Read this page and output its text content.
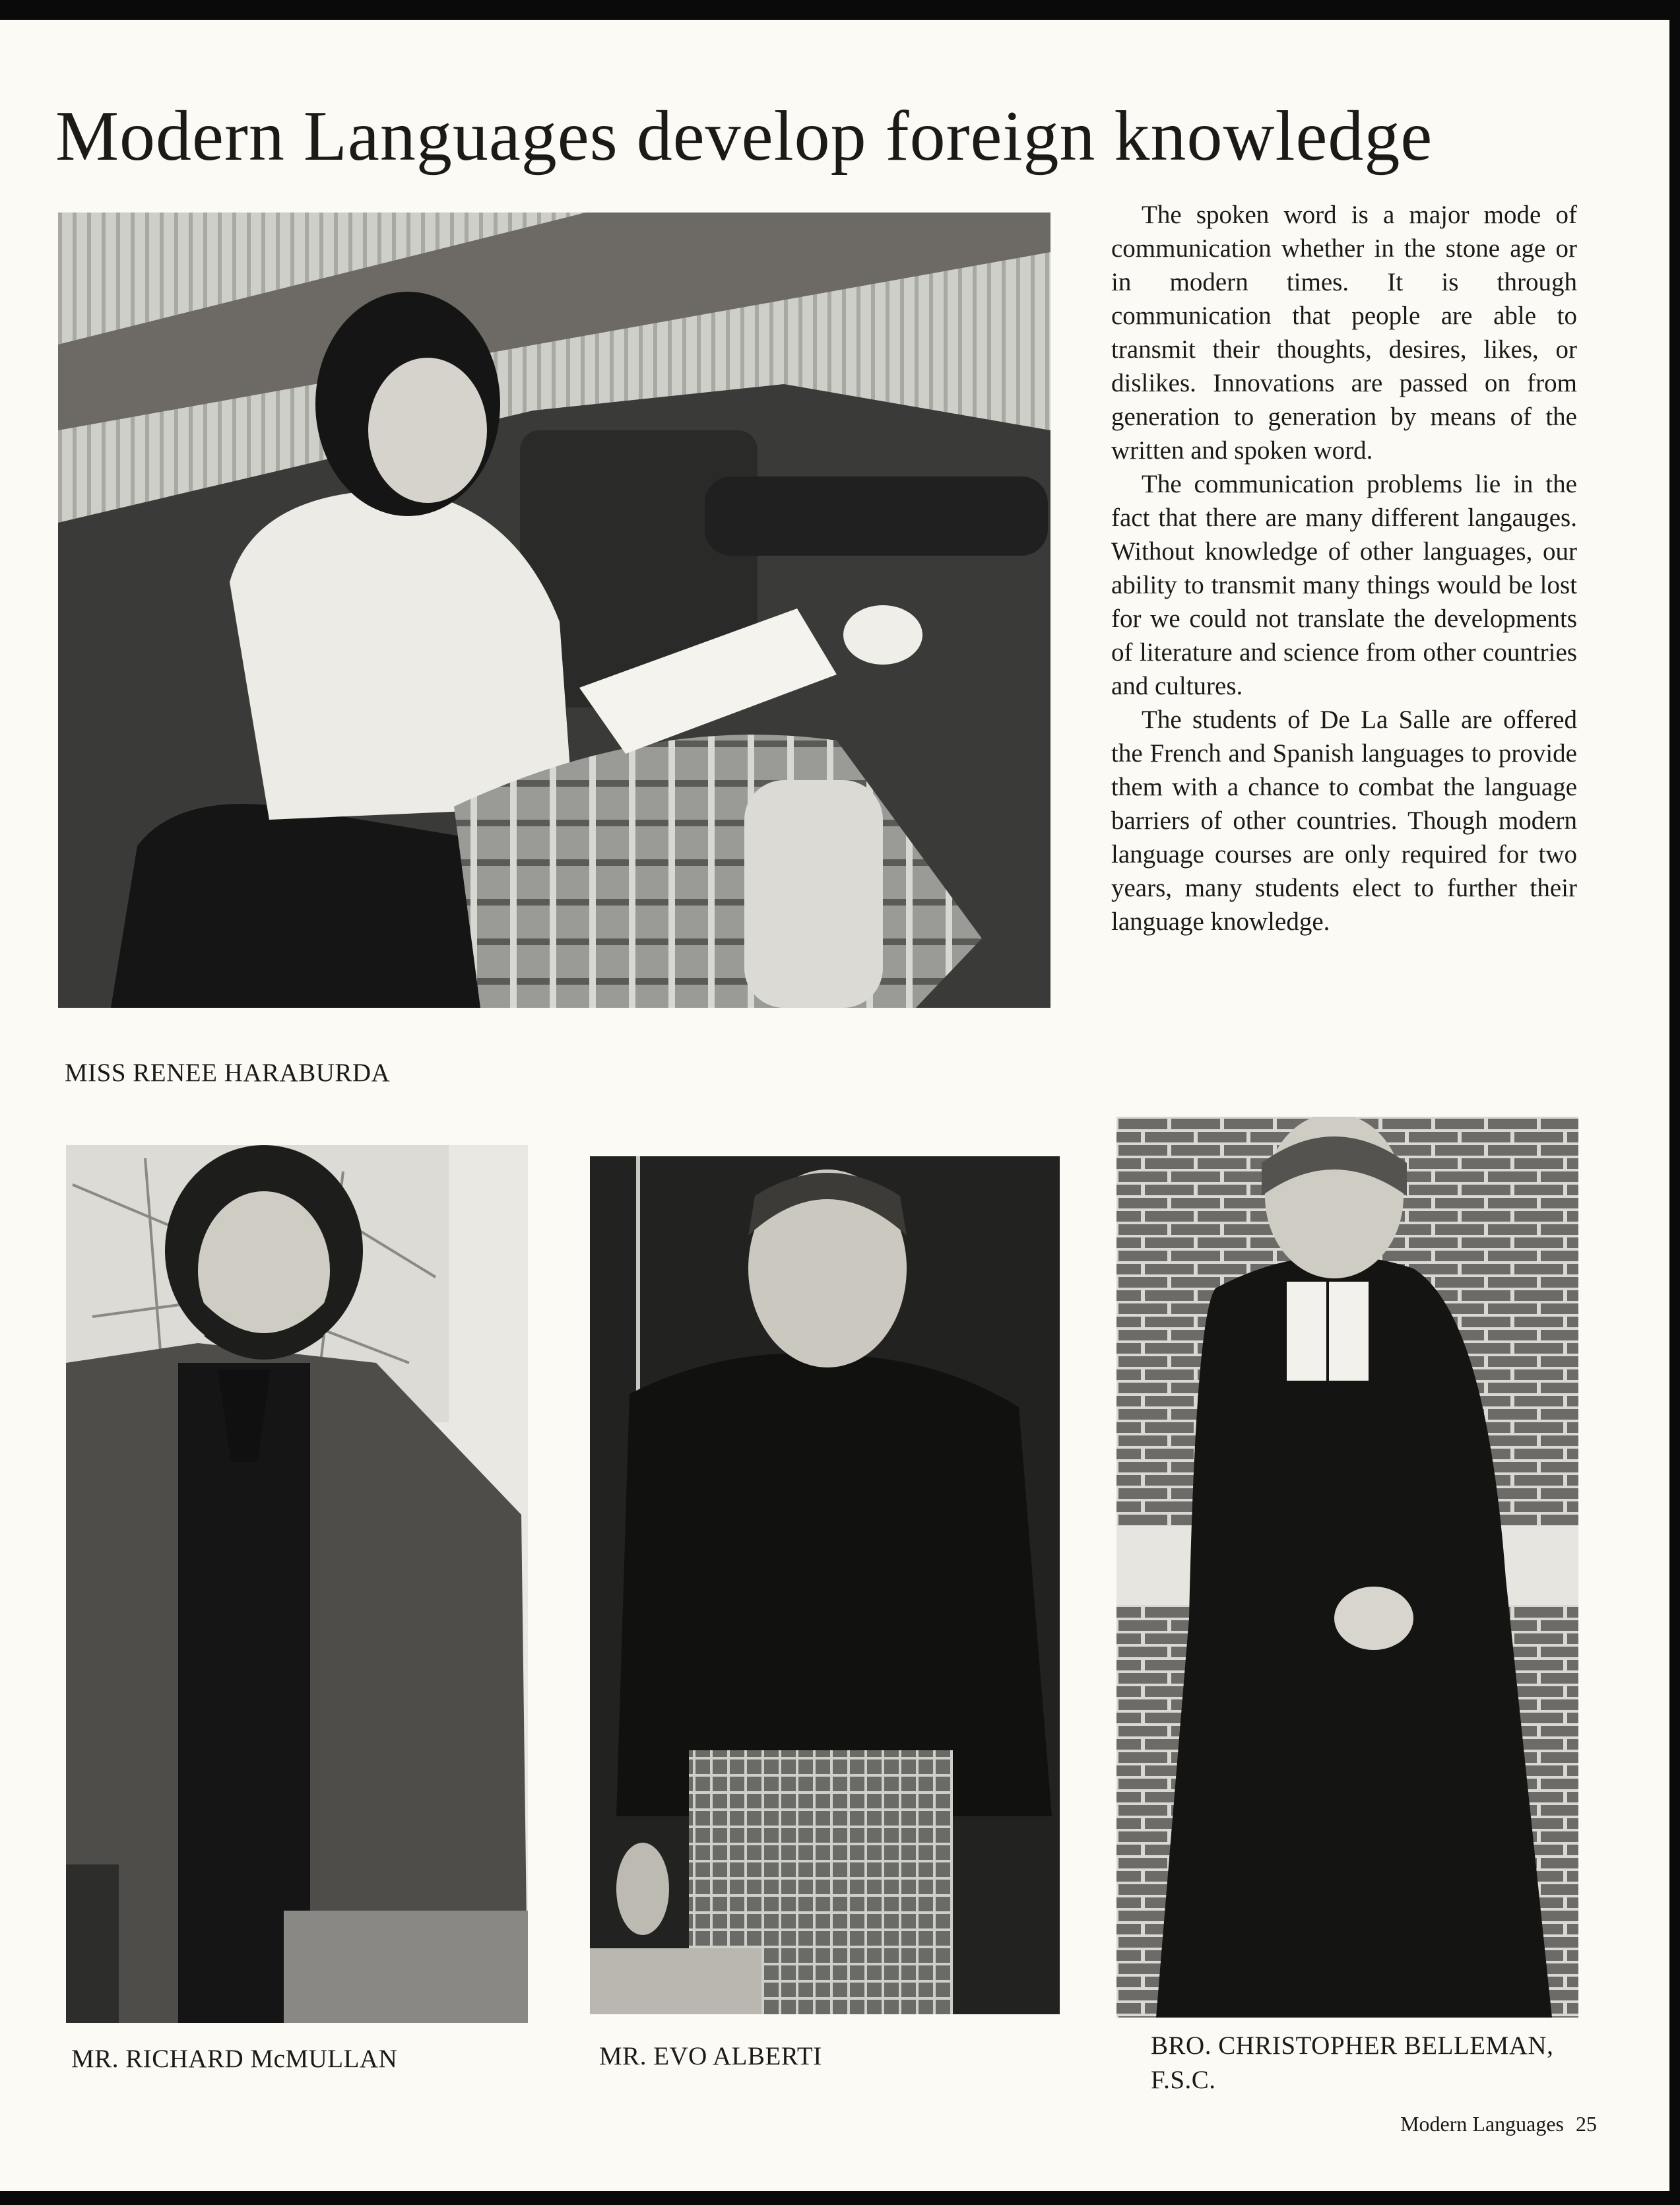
Modern Languages develop foreign knowledge
MISS RENEE HARABURDA

The spoken word is a major mode of communication whether in the stone age or in modern times. It is through communication that people are able to transmit their thoughts, desires, likes, or dislikes. Innovations are passed on from generation to generation by means of the written and spoken word.

The communication problems lie in the fact that there are many different langauges. Without knowledge of other languages, our ability to transmit many things would be lost for we could not translate the developments of literature and science from other countries and cultures.

The students of De La Salle are offered the French and Spanish languages to provide them with a chance to combat the language barriers of other countries. Though modern language courses are only required for two years, many students elect to further their language knowledge.

MR. RICHARD McMULLAN	MR. EVO ALBERTI	BRO. CHRISTOPHER BELLEMAN, F.S.C.
Modern Languages 25
